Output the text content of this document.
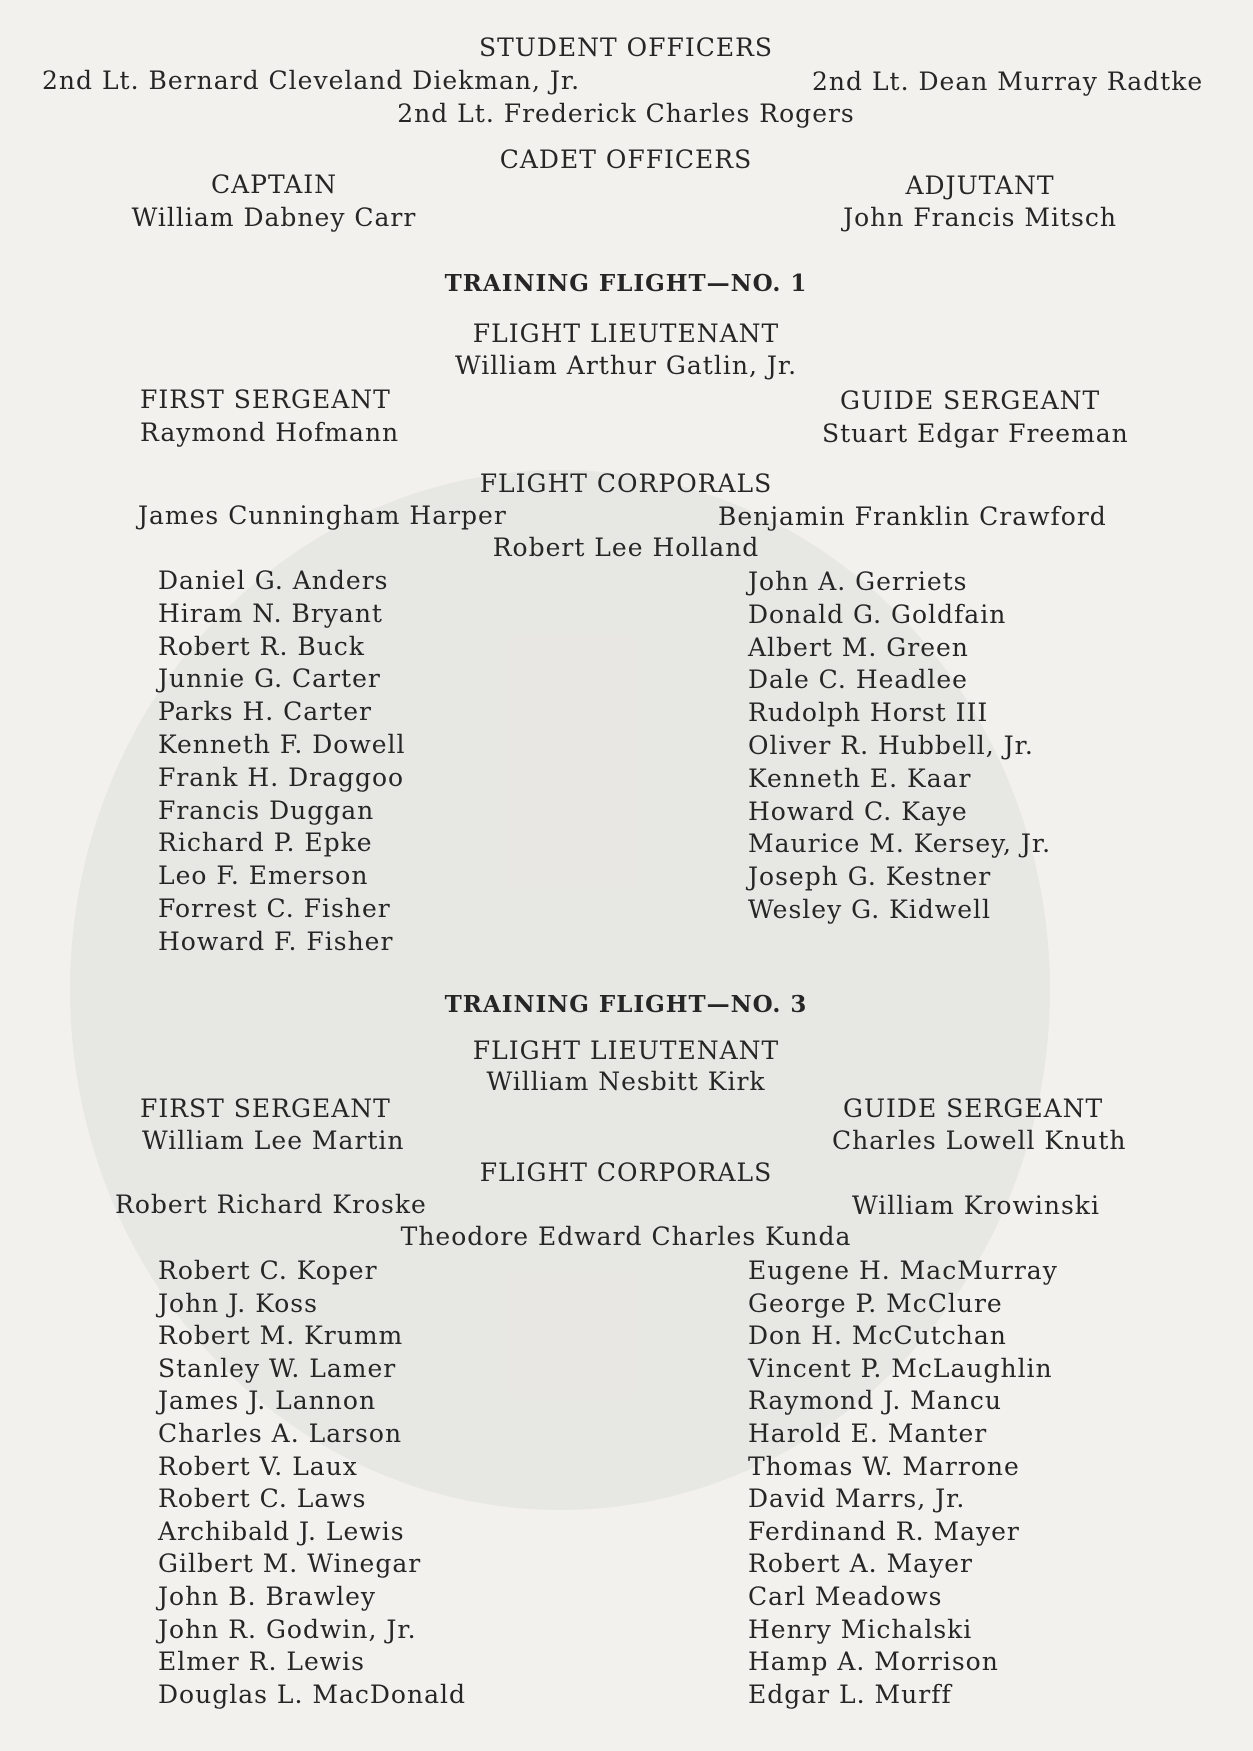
STUDENT OFFICERS
2nd Lt. Bernard Cleveland Diekman, Jr.	2nd Lt. Dean Murray Radtke
2nd Lt. Frederick Charles Rogers
CADET OFFICERS
CAPTAIN
William Dabney Carr
ADJUTANT
John Francis Mitsch
TRAINING FLIGHT—NO. 1
FLIGHT LIEUTENANT
William Arthur Gatlin, Jr.
FIRST SERGEANT
Raymond Hofmann
GUIDE SERGEANT
Stuart Edgar Freeman
FLIGHT CORPORALS
James Cunningham Harper	Benjamin Franklin Crawford
Robert Lee Holland
Daniel G. Anders
Hiram N. Bryant
Robert R. Buck
Junnie G. Carter
Parks H. Carter
Kenneth F. Dowell
Frank H. Draggoo
Francis Duggan
Richard P. Epke
Leo F. Emerson
Forrest C. Fisher
Howard F. Fisher
John A. Gerriets
Donald G. Goldfain
Albert M. Green
Dale C. Headlee
Rudolph Horst III
Oliver R. Hubbell, Jr.
Kenneth E. Kaar
Howard C. Kaye
Maurice M. Kersey, Jr.
Joseph G. Kestner
Wesley G. Kidwell
TRAINING FLIGHT—NO. 3
FLIGHT LIEUTENANT
William Nesbitt Kirk
FIRST SERGEANT
William Lee Martin
GUIDE SERGEANT
Charles Lowell Knuth
FLIGHT CORPORALS
Robert Richard Kroske	William Krowinski
Theodore Edward Charles Kunda
Robert C. Koper
John J. Koss
Robert M. Krumm
Stanley W. Lamer
James J. Lannon
Charles A. Larson
Robert V. Laux
Robert C. Laws
Archibald J. Lewis
Gilbert M. Winegar
John B. Brawley
John R. Godwin, Jr.
Elmer R. Lewis
Douglas L. MacDonald
Eugene H. MacMurray
George P. McClure
Don H. McCutchan
Vincent P. McLaughlin
Raymond J. Mancu
Harold E. Manter
Thomas W. Marrone
David Marrs, Jr.
Ferdinand R. Mayer
Robert A. Mayer
Carl Meadows
Henry Michalski
Hamp A. Morrison
Edgar L. Murff
